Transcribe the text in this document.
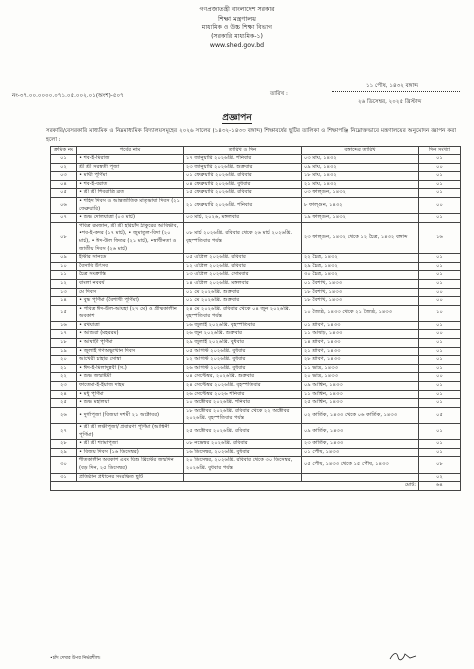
গণপ্রজাতন্ত্রী বাংলাদেশ সরকার
শিক্ষা মন্ত্রণালয়
মাধ্যমিক ও উচ্চ শিক্ষা বিভাগ
(সরকারি মাধ্যমিক-১)
www.shed.gov.bd
নং-৩৭.০০.০০০০.০৭১.০৫.০০২.০১(অংশ)-৫০৭	তারিখ :
১১ পৌষ, ১৪৩২ বঙ্গাব্দ
২৬ ডিসেম্বর, ২০২৫ খ্রিস্টাব্দ
প্রজ্ঞাপন
সরকারি/বেসরকারি মাধ্যমিক ও নিম্নমাধ্যমিক বিদ্যালয়সমূহের ২০২৬ সালের (১৪৩২-১৪৩৩ বঙ্গাব্দ) শিক্ষাবর্ষের ছুটির তালিকা ও শিক্ষাপঞ্জি নিম্নোক্তভাবে মন্ত্রণালয়ের অনুমোদন জ্ঞাপন করা হলো :
ক্রমিক নং	পর্বের নাম	তারিখ ও দিন	বঙ্গাব্দের তারিখ	দিন সংখ্যা
০১	• শব-ই-মিরাজ	১৭ জানুয়ারি ২০২৬খ্রি. শনিবার	০৩ মাঘ, ১৪৩২	০১
০২	শ্রী শ্রী সরস্বতী পূজা	২৩ জানুয়ারি ২০২৬খ্রি. শুক্রবার	০৯ মাঘ, ১৪৩২	০০
০৩	• মাঘী পূর্ণিমা	০১ ফেব্রুয়ারি ২০২৬খ্রি. রবিবার	১৮ মাঘ, ১৪৩২	০১
০৪	• শব-ই-বরাত	০৪ ফেব্রুয়ারি ২০২৬খ্রি. বুধবার	২১ মাঘ, ১৪৩২	০১
০৫	• শ্রী শ্রী শিবরাত্রি ব্রত	১৫ ফেব্রুয়ারি ২০২৬খ্রি. রবিবার	০৩ ফাল্গুন, ১৪৩২	০১
০৬	• শহিদ দিবস ও আন্তর্জাতিক মাতৃভাষা দিবস (২১ ফেব্রুয়ারি)	২১ ফেব্রুয়ারি ২০২৬খ্রি. শনিবার	৮ ফাল্গুন, ১৪৩২	০০
০৭	• শুভ দোলযাত্রা (০৩ মার্চ)	০৩ মার্চ, ২০২৬, মঙ্গলবার	১৯ ফাল্গুন, ১৪৩২	০১
০৮	পবিত্র রমজান, শ্রী শ্রী হরিচাঁদ ঠাকুরের আবির্ভাব, •শব-ই-কদর (১৭ মার্চ), • জুমাতুল-বিদা (২০ মার্চ), • ঈদ-উল ফিতর (২১ মার্চ), •স্বাধীনতা ও জাতীয় দিবস (২৬ মার্চ)	০৮ মার্চ ২০২৬খ্রি. রবিবার থেকে ২৬ মার্চ ২০২৬খ্রি. বৃহস্পতিবার পর্যন্ত	২৩ ফাল্গুন, ১৪৩২ থেকে ১২ চৈত্র, ১৪৩২ বঙ্গাব্দ	১৬
০৯	ইস্টার সানডে	০৫ এপ্রিল ২০২৬খ্রি. রবিবার	২২ চৈত্র, ১৪৩২	০১
১০	বৈসাবি উৎসব	১২ এপ্রিল ২০২৬খ্রি. রবিবার	২৯ চৈত্র, ১৪৩২	০১
১১	চৈত্র সংক্রান্তি	১৩ এপ্রিল ২০২৬খ্রি. সোমবার	৩০ চৈত্র, ১৪৩২	০১
১২	বাংলা নববর্ষ	১৪ এপ্রিল ২০২৬খ্রি. মঙ্গলবার	০১ বৈশাখ, ১৪৩৩	০১
১৩	মে দিবস	০১ মে ২০২৬খ্রি. শুক্রবার	১৮ বৈশাখ, ১৪৩৩	০০
১৪	• বুদ্ধ পূর্ণিমা (বৈশাখী পূর্ণিমা)	০১ মে ২০২৬খ্রি. শুক্রবার	১৮ বৈশাখ, ১৪৩৩	০০
১৫	• পবিত্র ঈদ-উল-আযহা (২৭ মে) ও গ্রীষ্মকালীন অবকাশ	২৪ মে ২০২৬খ্রি. রবিবার থেকে ০৪ জুন ২০২৬খ্রি. বৃহস্পতিবার পর্যন্ত	১০ জ্যৈষ্ঠ, ১৪৩৩ থেকে ২১ জ্যৈষ্ঠ, ১৪৩৩	১০
১৬	• রথযাত্রা	১৬ জুলাই ২০২৬খ্রি. বৃহস্পতিবার	০১ শ্রাবণ, ১৪৩৩	০১
১৭	• আশুরা (মহররম)	২৬ জুন ২০২৬খ্রি. শুক্রবার	১১ আষাঢ়, ১৪৩৩	০০
১৮	• আষাঢ়ী পূর্ণিমা	২৯ জুলাই ২০২৬খ্রি. বুধবার	১৪ শ্রাবণ, ১৪৩৩	০১
১৯	• জুলাই গণঅভ্যুত্থান দিবস	০৫ আগস্ট ২০২৬খ্রি. বুধবার	২১ শ্রাবণ, ১৪৩৩	০১
২০	আখেরী চাহার সোম্বা	১২ আগস্ট ২০২৬খ্রি. বুধবার	২৮ শ্রাবণ, ১৪৩৩	০১
২১	• ঈদ-ই-মিলাদুন্নবী (স.)	২৬ আগস্ট ২০২৬খ্রি. বুধবার	১১ ভাদ্র, ১৪৩৩	০১
২২	• শুভ জন্মাষ্টমী	০৪ সেপ্টেম্বর, ২০২৬খ্রি. শুক্রবার	২০ ভাদ্র, ১৪৩৩	০০
২৩	ফাতেমা-ই-ইয়াজ দাহম	২৪ সেপ্টেম্বর ২০২৬খ্রি. বৃহস্পতিবার	০৯ আশ্বিন, ১৪৩৩	০১
২৪	• মধু পূর্ণিমা	২৬ সেপ্টেম্বর ২০২৬ শনিবার	১১ আশ্বিন, ১৪৩৩	০১
২৫	• শুভ মহালয়া	১০ অক্টোবর ২০২৬খ্রি. শনিবার	২৫ আশ্বিন, ১৪৩৩	০১
২৬	• দুর্গাপূজা (বিজয়া দশমী ২১ অক্টোবর)	১৮ অক্টোবর ২০২৬খ্রি. রবিবার থেকে ২২ অক্টোবর ২০২৬খ্রি. বৃহস্পতিবার পর্যন্ত	০২ কার্তিক, ১৪৩৩ থেকে ০৬ কার্তিক, ১৪৩৩	০৫
২৭	• শ্রী শ্রী লক্ষীপূজা/ প্রবারণা পূর্ণিমা (আশ্বিনী পূর্ণিমা)	২৫ অক্টোবর ২০২৬খ্রি. রবিবার	০৯ কার্তিক, ১৪৩৩	০১
২৮	• শ্রী শ্রী শ্যামাপূজা	০৮ নভেম্বর ২০২৬খ্রি. রবিবার	২৩ কার্তিক, ১৪৩৩	০১
২৯	• বিজয় দিবস (১৬ ডিসেম্বর)	১৬ ডিসেম্বর, ২০২৬খ্রি. বুধবার	০১ পৌষ, ১৪৩৩	০১
৩০	শীতকালীন অবকাশ এবং যিশু খ্রিস্টের জন্মদিন (বড় দিন, ২৫ ডিসেম্বর)	২০ ডিসেম্বর, ২০২৬খ্রি. রবিবার থেকে ৩০ ডিসেম্বর, ২০২৬খ্রি. বুধবার পর্যন্ত	০৫ পৌষ, ১৪৩৩ থেকে ১৫ পৌষ, ১৪৩৩	০৮
৩১	প্রতিষ্ঠান প্রধানের সংরক্ষিত ছুটি			০২
মোট:				৬৪
•চাঁদ দেখার উপর নির্ভরশীল।
